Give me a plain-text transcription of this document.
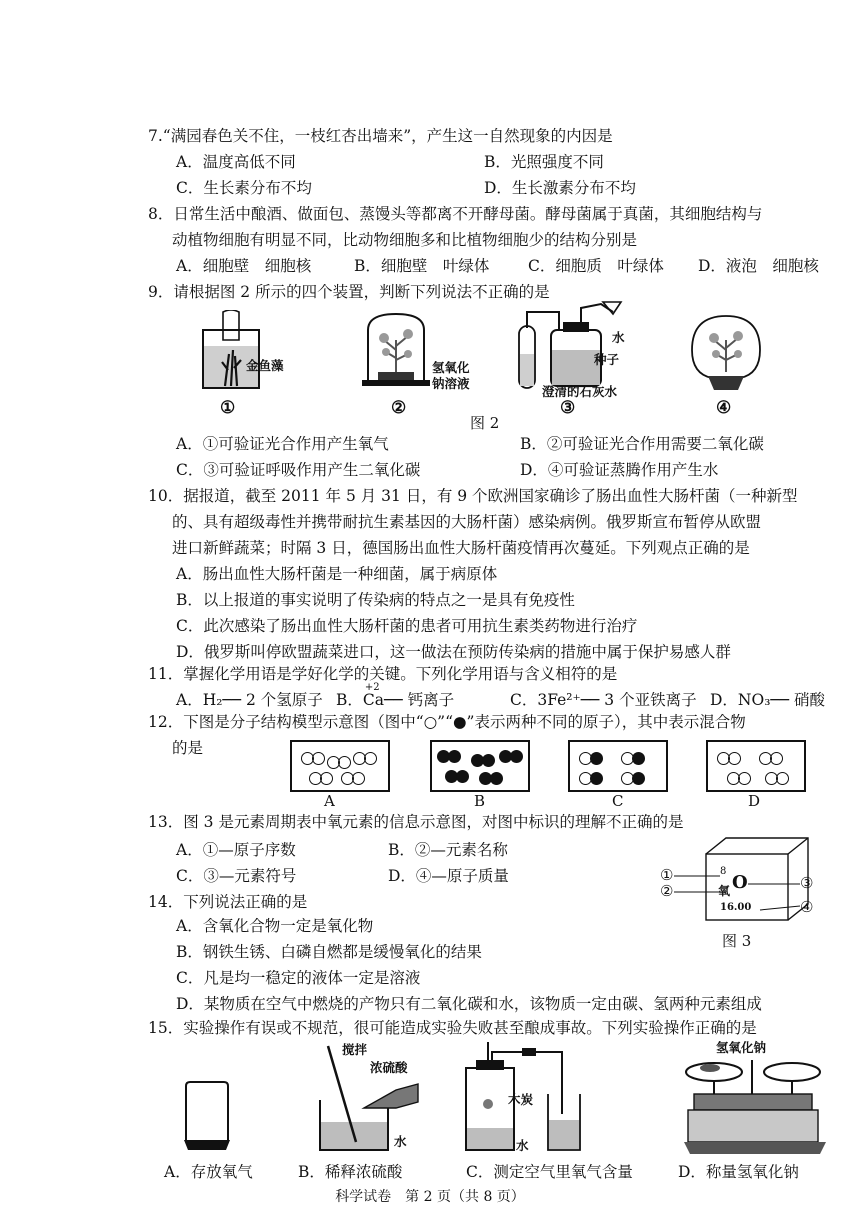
7.“满园春色关不住，一枝红杏出墙来”，产生这一自然现象的内因是
A．温度高低不同	B．光照强度不同
C．生长素分布不均	D．生长激素分布不均
8．日常生活中酿酒、做面包、蒸馒头等都离不开酵母菌。酵母菌属于真菌，其细胞结构与
动植物细胞有明显不同，比动物细胞多和比植物细胞少的结构分别是
A．细胞壁　细胞核	B．细胞壁　叶绿体 C．细胞质　叶绿体 D．液泡　细胞核
9．请根据图 2 所示的四个装置，判断下列说法不正确的是
金鱼藻	氢氧化
钠溶液
水
种子
澄清的石灰水
①	②	③	④
图 2
A．①可验证光合作用产生氧气	B．②可验证光合作用需要二氧化碳
C．③可验证呼吸作用产生二氧化碳	D．④可验证蒸腾作用产生水
10．据报道，截至 2011 年 5 月 31 日，有 9 个欧洲国家确诊了肠出血性大肠杆菌（一种新型
的、具有超级毒性并携带耐抗生素基因的大肠杆菌）感染病例。俄罗斯宣布暂停从欧盟
进口新鲜蔬菜；时隔 3 日，德国肠出血性大肠杆菌疫情再次蔓延。下列观点正确的是
A．肠出血性大肠杆菌是一种细菌，属于病原体
B．以上报道的事实说明了传染病的特点之一是具有免疫性
C．此次感染了肠出血性大肠杆菌的患者可用抗生素类药物进行治疗
D．俄罗斯叫停欧盟蔬菜进口，这一做法在预防传染病的措施中属于保护易感人群
11．掌握化学用语是学好化学的关键。下列化学用语与含义相符的是
A．H₂── 2 个氢原子 B．
+2
Ca── 钙离子	C．3Fe²⁺── 3 个亚铁离子 D．NO₃── 硝酸
12．下图是分子结构模型示意图（图中“○”“●”表示两种不同的原子），其中表示混合物
的是
A	B	C	D
13．图 3 是元素周期表中氧元素的信息示意图，对图中标识的理解不正确的是
A．①—原子序数	B．②—元素名称
C．③—元素符号	D．④—原子质量	8
氧 O
16.00
①
②	③
④
图 3
14．下列说法正确的是
A．含氧化合物一定是氧化物
B．钢铁生锈、白磷自燃都是缓慢氧化的结果
C．凡是均一稳定的液体一定是溶液
D．某物质在空气中燃烧的产物只有二氧化碳和水，该物质一定由碳、氢两种元素组成
15．实验操作有误或不规范，很可能造成实验失败甚至酿成事故。下列实验操作正确的是
搅拌
浓硫酸
水
木炭
水
氢氧化钠
A．存放氧气	B．稀释浓硫酸	C．测定空气里氧气含量	D．称量氢氧化钠
科学试卷　第 2 页（共 8 页）
